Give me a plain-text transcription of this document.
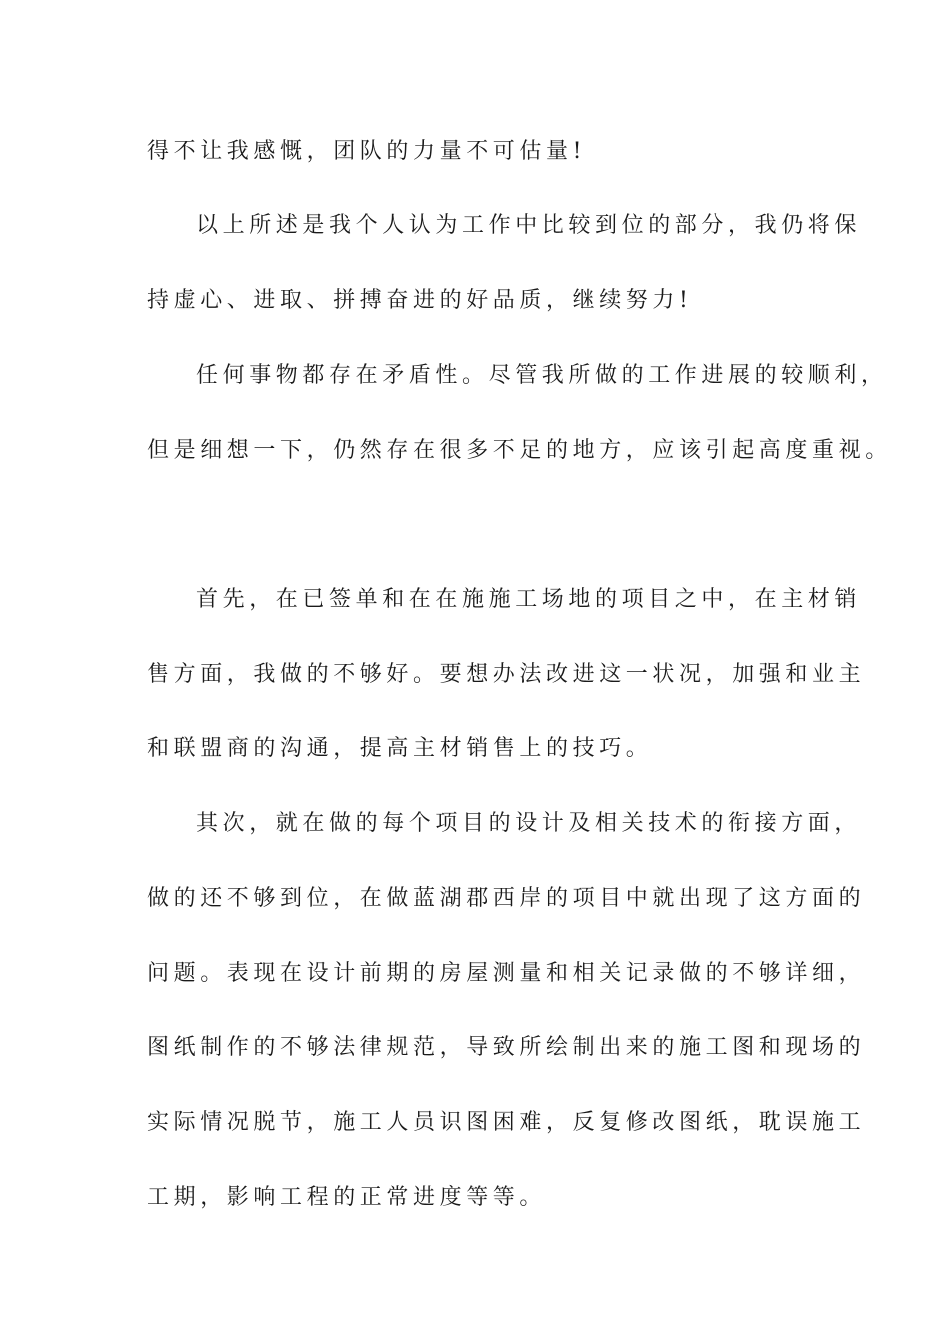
得不让我感慨，团队的力量不可估量!
以上所述是我个人认为工作中比较到位的部分，我仍将保
持虚心、进取、拼搏奋进的好品质，继续努力!
任何事物都存在矛盾性。尽管我所做的工作进展的较顺利，
但是细想一下，仍然存在很多不足的地方，应该引起高度重视。
首先，在已签单和在在施施工场地的项目之中，在主材销
售方面，我做的不够好。要想办法改进这一状况，加强和业主
和联盟商的沟通，提高主材销售上的技巧。
其次，就在做的每个项目的设计及相关技术的衔接方面，
做的还不够到位，在做蓝湖郡西岸的项目中就出现了这方面的
问题。表现在设计前期的房屋测量和相关记录做的不够详细，
图纸制作的不够法律规范，导致所绘制出来的施工图和现场的
实际情况脱节，施工人员识图困难，反复修改图纸，耽误施工
工期，影响工程的正常进度等等。
